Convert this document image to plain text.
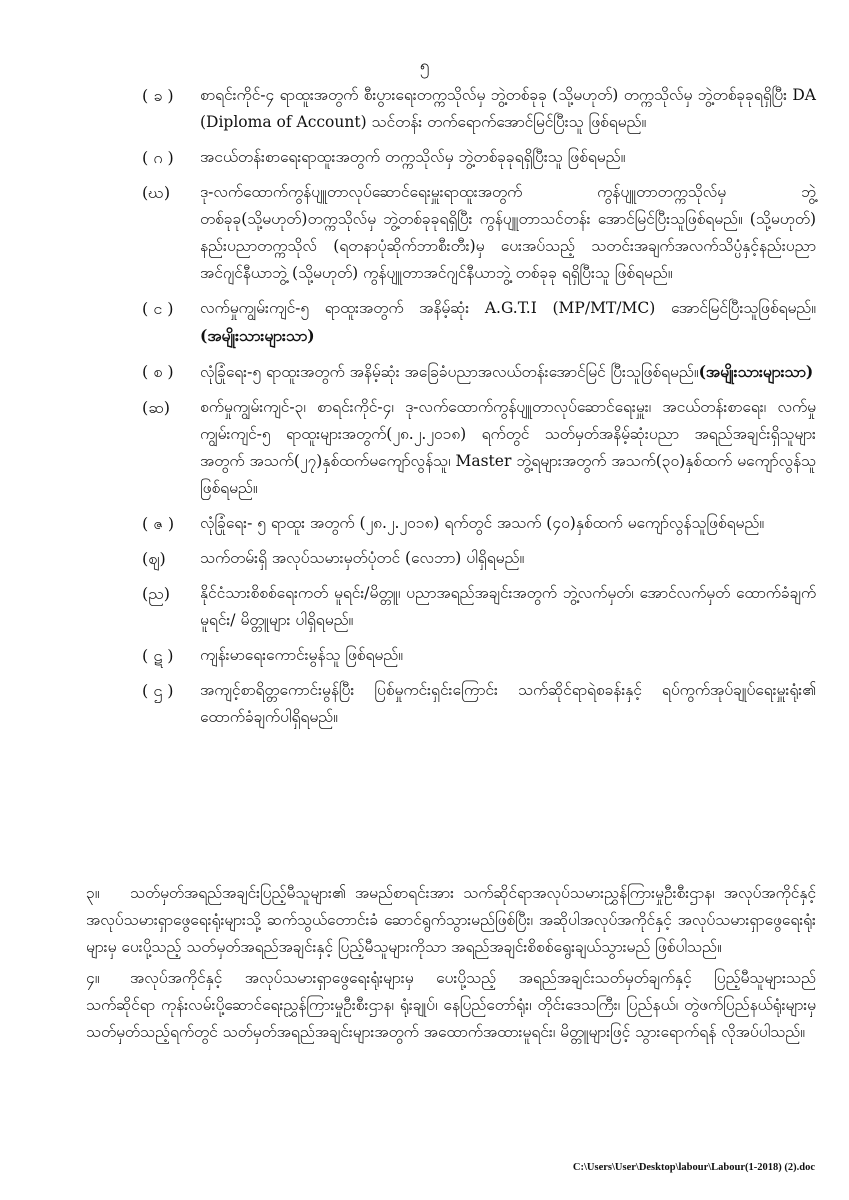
၅
( ခ )	စာရင်းကိုင်-၄ ရာထူးအတွက် စီးပွားရေးတက္ကသိုလ်မှ ဘွဲ့တစ်ခုခု (သို့မဟုတ်) တက္ကသိုလ်မှ ဘွဲ့တစ်ခုခုရရှိပြီး DA (Diploma of Account) သင်တန်း တက်ရောက်အောင်မြင်ပြီးသူ ဖြစ်ရမည်။
( ဂ )	အငယ်တန်းစာရေးရာထူးအတွက် တက္ကသိုလ်မှ ဘွဲ့တစ်ခုခုရရှိပြီးသူ ဖြစ်ရမည်။
(ဃ)	ဒု-လက်ထောက်ကွန်ပျူတာလုပ်ဆောင်ရေးမှူးရာထူးအတွက် ကွန်ပျူတာတက္ကသိုလ်မှ ဘွဲ့တစ်ခုခု(သို့မဟုတ်)တက္ကသိုလ်မှ ဘွဲ့တစ်ခုခုရရှိပြီး ကွန်ပျူတာသင်တန်း အောင်မြင်ပြီးသူဖြစ်ရမည်။ (သို့မဟုတ်) နည်းပညာတက္ကသိုလ် (ရတနာပုံဆိုက်ဘာစီးတီး)မှ ပေးအပ်သည့် သတင်းအချက်အလက်သိပ္ပံနှင့်နည်းပညာအင်ဂျင်နီယာဘွဲ့ (သို့မဟုတ်) ကွန်ပျူတာအင်ဂျင်နီယာဘွဲ့ တစ်ခုခု ရရှိပြီးသူ ဖြစ်ရမည်။
( င )	လက်မှုကျွမ်းကျင်-၅ ရာထူးအတွက် အနိမ့်ဆုံး A.G.T.I (MP/MT/MC) အောင်မြင်ပြီးသူဖြစ်ရမည်။ (အမျိုးသားများသာ)
( စ )	လုံခြုံရေး-၅ ရာထူးအတွက် အနိမ့်ဆုံး အခြေခံပညာအလယ်တန်းအောင်မြင် ပြီးသူဖြစ်ရမည်။(အမျိုးသားများသာ)
(ဆ)	စက်မှုကျွမ်းကျင်-၃၊ စာရင်းကိုင်-၄၊ ဒု-လက်ထောက်ကွန်ပျူတာလုပ်ဆောင်ရေးမှူး၊ အငယ်တန်းစာရေး၊ လက်မှုကျွမ်းကျင်-၅ ရာထူးများအတွက်(၂၈.၂.၂၀၁၈) ရက်တွင် သတ်မှတ်အနိမ့်ဆုံးပညာ အရည်အချင်းရှိသူများအတွက် အသက်(၂၇)နှစ်ထက်မကျော်လွန်သူ၊ Master ဘွဲ့ရများအတွက် အသက်(၃၀)နှစ်ထက် မကျော်လွန်သူ ဖြစ်ရမည်။
( ဇ )	လုံခြုံရေး- ၅ ရာထူး အတွက် (၂၈.၂.၂၀၁၈) ရက်တွင် အသက် (၄၀)နှစ်ထက် မကျော်လွန်သူဖြစ်ရမည်။
(ဈ)	သက်တမ်းရှိ အလုပ်သမားမှတ်ပုံတင် (လေဘာ) ပါရှိရမည်။
(ည)	နိုင်ငံသားစိစစ်ရေးကတ် မူရင်း/မိတ္တူ၊ ပညာအရည်အချင်းအတွက် ဘွဲ့လက်မှတ်၊ အောင်လက်မှတ် ထောက်ခံချက်မူရင်း/ မိတ္တူများ ပါရှိရမည်။
( ဋ )	ကျန်းမာရေးကောင်းမွန်သူ ဖြစ်ရမည်။
( ဌ )	အကျင့်စာရိတ္တကောင်းမွန်ပြီး ပြစ်မှုကင်းရှင်းကြောင်း သက်ဆိုင်ရာရဲစခန်းနှင့် ရပ်ကွက်အုပ်ချုပ်ရေးမှူးရုံး၏ ထောက်ခံချက်ပါရှိရမည်။
၃။ သတ်မှတ်အရည်အချင်းပြည့်မီသူများ၏ အမည်စာရင်းအား သက်ဆိုင်ရာအလုပ်သမားညွှန်ကြားမှုဦးစီးဌာန၊ အလုပ်အကိုင်နှင့် အလုပ်သမားရှာဖွေရေးရုံးများသို့ ဆက်သွယ်တောင်းခံ ဆောင်ရွက်သွားမည်ဖြစ်ပြီး၊ အဆိုပါအလုပ်အကိုင်နှင့် အလုပ်သမားရှာဖွေရေးရုံးများမှ ပေးပို့သည့် သတ်မှတ်အရည်အချင်းနှင့် ပြည့်မီသူများကိုသာ အရည်အချင်းစိစစ်ရွေးချယ်သွားမည် ဖြစ်ပါသည်။
၄။ အလုပ်အကိုင်နှင့် အလုပ်သမားရှာဖွေရေးရုံးများမှ ပေးပို့သည့် အရည်အချင်းသတ်မှတ်ချက်နှင့် ပြည့်မီသူများသည် သက်ဆိုင်ရာ ကုန်းလမ်းပို့ဆောင်ရေးညွှန်ကြားမှုဦးစီးဌာန၊ ရုံးချုပ်၊ နေပြည်တော်ရုံး၊ တိုင်းဒေသကြီး၊ ပြည်နယ်၊ တွဲဖက်ပြည်နယ်ရုံးများမှ သတ်မှတ်သည့်ရက်တွင် သတ်မှတ်အရည်အချင်းများအတွက် အထောက်အထားမူရင်း၊ မိတ္တူများဖြင့် သွားရောက်ရန် လိုအပ်ပါသည်။
C:\Users\User\Desktop\labour\Labour(1-2018) (2).doc
